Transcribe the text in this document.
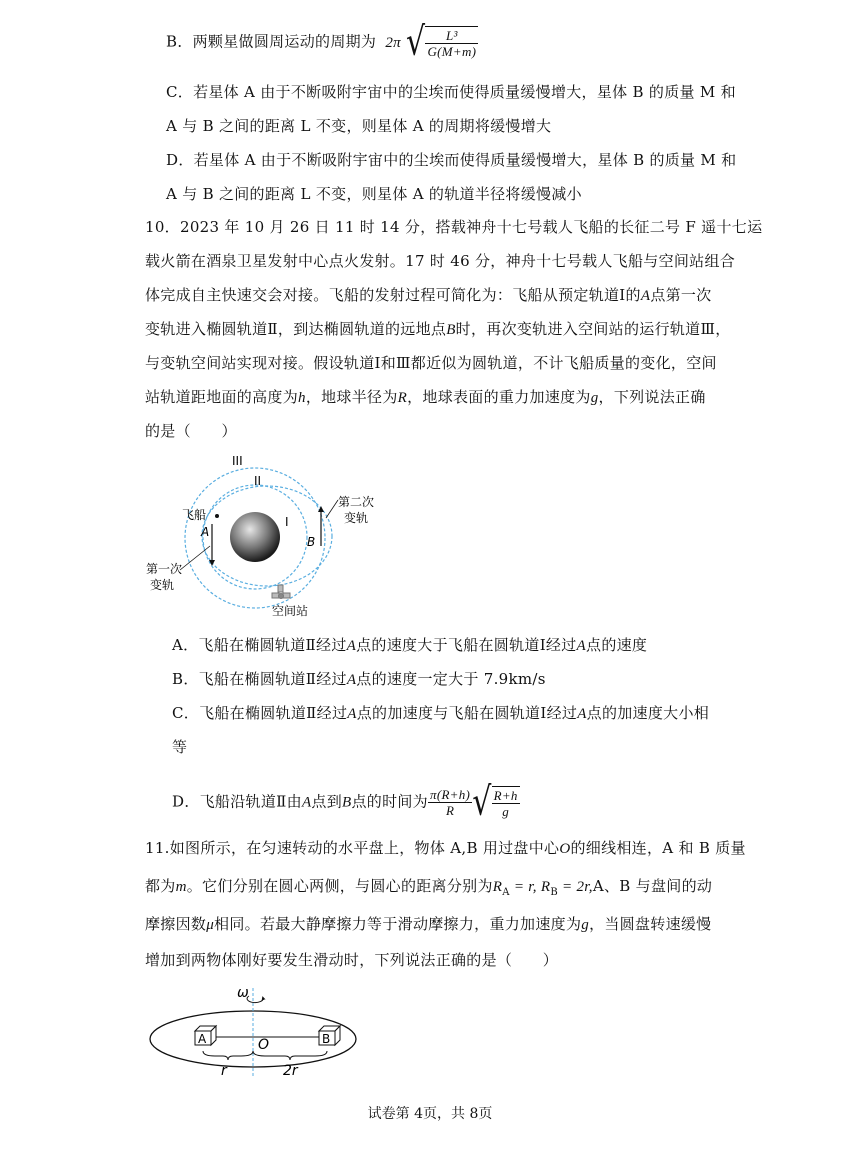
B．两颗星做圆周运动的周期为 2π √ $\frac{\text{L³}}{G(M+m)}$
C．若星体 A 由于不断吸附宇宙中的尘埃而使得质量缓慢增大，星体 B 的质量 M 和
A 与 B 之间的距离 L 不变，则星体 A 的周期将缓慢增大
D．若星体 A 由于不断吸附宇宙中的尘埃而使得质量缓慢增大，星体 B 的质量 M 和
A 与 B 之间的距离 L 不变，则星体 A 的轨道半径将缓慢减小
10．2023 年 10 月 26 日 11 时 14 分，搭载神舟十七号载人飞船的长征二号 F 遥十七运
载火箭在酒泉卫星发射中心点火发射。17 时 46 分，神舟十七号载人飞船与空间站组合
体完成自主快速交会对接。飞船的发射过程可简化为：飞船从预定轨道Ⅰ的A点第一次
变轨进入椭圆轨道Ⅱ，到达椭圆轨道的远地点B时，再次变轨进入空间站的运行轨道Ⅲ，
与变轨空间站实现对接。假设轨道Ⅰ和Ⅲ都近似为圆轨道，不计飞船质量的变化，空间
站轨道距地面的高度为h，地球半径为R，地球表面的重力加速度为g，下列说法正确
的是（　　）
III
II
I
飞船
A
第一次
变轨
B
第二次
变轨
空间站
A．飞船在椭圆轨道Ⅱ经过A点的速度大于飞船在圆轨道Ⅰ经过A点的速度
B．飞船在椭圆轨道Ⅱ经过A点的速度一定大于 7.9km/s
C．飞船在椭圆轨道Ⅱ经过A点的加速度与飞船在圆轨道Ⅰ经过A点的加速度大小相
等
D．飞船沿轨道Ⅱ由A点到B点的时间为 $\frac{\pi(R+h)}{R}$ √ $\frac{R+h}{g}$
11.如图所示，在匀速转动的水平盘上，物体 A,B 用过盘中心O的细线相连，A 和 B 质量
都为m。它们分别在圆心两侧，与圆心的距离分别为$R_A = r$, $R_B = 2r,A$、B 与盘间的动
摩擦因数μ相同。若最大静摩擦力等于滑动摩擦力，重力加速度为g，当圆盘转速缓慢
增加到两物体刚好要发生滑动时，下列说法正确的是（　　）
ω
A	B
O
r	2r
试卷第 4页，共 8页
